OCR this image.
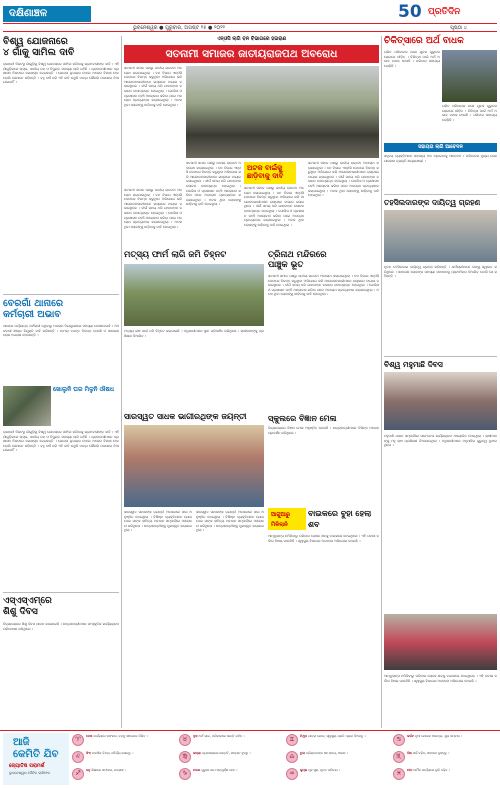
ଦକ୍ଷିଣାଞ୍ଚଳ	50 ପ୍ରତିଦିନ
ଭୁବନେଶ୍ୱର ● ଗୁରୁବାର, ଅଗଷ୍ଟ ୨୫ ● ୨୦୨୨	ପୃଷ୍ଠା ୪
ବିଶ୍ୱ ଯୋଜନାରେ
୪ ଗାଁକୁ ସାମିଲ ଦାବି
ରାଜଧାନୀ ନିକଟସ୍ଥ ଗାଁଗୁଡ଼ିକୁ ବିଶ୍ୱ ଯୋଜନାରେ ସାମିଲ କରିବାକୁ ଗ୍ରାମବାସୀଙ୍କ ଦାବି । ଏହି ଗାଁଗୁଡ଼ିକରେ ରାସ୍ତା, ପାନୀୟ ଜଳ ଓ ବିଦ୍ୟୁତ ସମସ୍ୟା ଲାଗି ରହିଛି । ଗ୍ରାମବାସୀମାନେ ପ୍ରଶାସନ ନିକଟରେ ଦରଖାସ୍ତ ଦେଇଛନ୍ତି । ଯୋଜନା ରୂପାୟନ ହେଲେ ଅଞ୍ଚଳର ବିକାଶ ହେବ ବୋଲି ସେମାନେ କହିଛନ୍ତି । ବହୁ ବର୍ଷ ଧରି ଏହି ଦାବି ଉଠୁଛି ମାତ୍ର କୌଣସି ପଦକ୍ଷେପ ନିଆଯାଇନାହିଁ ।
ବେରଗାଁ ଥାନାରେ
କର୍ମଚାରୀ ଅଭାବ
ଥାନାରେ ପର୍ଯ୍ୟାପ୍ତ କର୍ମଚାରୀ ନଥିବାରୁ ଅପରାଧ ନିୟନ୍ତ୍ରଣରେ ସମସ୍ୟା ଦେଖାଦେଇଛି । ଅଞ୍ଚଳବାସୀ ଶୀଘ୍ର ନିଯୁକ୍ତି ଦାବି କରିଛନ୍ତି । ମାମଲା ତଦନ୍ତ ବିଳମ୍ବ ହେଉଛି ଓ ସାଧାରଣ ଲୋକ ହଇରାଣ ହେଉଛନ୍ତି ।
ଖୋଲୁନି ଘର ମିଳୁନି ଔଷଧ
ରାଜଧାନୀ ନିକଟସ୍ଥ ଗାଁଗୁଡ଼ିକୁ ବିଶ୍ୱ ଯୋଜନାରେ ସାମିଲ କରିବାକୁ ଗ୍ରାମବାସୀଙ୍କ ଦାବି । ଏହି ଗାଁଗୁଡ଼ିକରେ ରାସ୍ତା, ପାନୀୟ ଜଳ ଓ ବିଦ୍ୟୁତ ସମସ୍ୟା ଲାଗି ରହିଛି । ଗ୍ରାମବାସୀମାନେ ପ୍ରଶାସନ ନିକଟରେ ଦରଖାସ୍ତ ଦେଇଛନ୍ତି । ଯୋଜନା ରୂପାୟନ ହେଲେ ଅଞ୍ଚଳର ବିକାଶ ହେବ ବୋଲି ସେମାନେ କହିଛନ୍ତି । ବହୁ ବର୍ଷ ଧରି ଏହି ଦାବି ଉଠୁଛି ମାତ୍ର କୌଣସି ପଦକ୍ଷେପ ନିଆଯାଇନାହିଁ ।
ଏସ୍ଏସ୍ଏମ୍‌ରେ
ଶିଶୁ ଦିବସ
ବିଦ୍ୟାଳୟରେ ଶିଶୁ ଦିବସ ପାଳନ କରାଯାଇଛି । ଛାତ୍ରଛାତ୍ରୀମାନେ ସାଂସ୍କୃତିକ କାର୍ଯ୍ୟକ୍ରମ ପରିବେଷଣ କରିଥିଲେ ।
ଏନ୍ଓସି ଲାଗି ବନ ବିଭାଗରେ ହଇରାଣ
ସତନାମୀ ସମାଜର ଜାତୀୟରାଜପଥ ଅବରୋଧ
ସତନାମୀ ସମାଜ ପକ୍ଷରୁ ଜାତୀୟ ରାଜପଥ ଅବରୋଧ କରାଯାଇଥିଲା । ବନ ବିଭାଗ ଏନ୍ଓସି ଦେବାରେ ବିଳମ୍ବ କରୁଥିବା ଅଭିଯୋଗ କରି ଆନ୍ଦୋଳନକାରୀମାନେ ରାସ୍ତାରେ ଟାୟାର ଜଳାଇଥିଲେ । ଦୀର୍ଘ ସମୟ ଧରି ଯାନବାହାନ ଚଳାଚଳ ବାଧାପ୍ରାପ୍ତ ହୋଇଥିଲା । ପୋଲିସ ଓ ପ୍ରଶାସନ ପହଞ୍ଚି ଆଲୋଚନା କରିବା ପରେ ଅବରୋଧ ପ୍ରତ୍ୟାହାର କରାଯାଇଥିଲା । ଅଟକ ଥିବା ଲୋକଙ୍କୁ ଛାଡ଼ିବାକୁ ଦାବି ହୋଇଥିଲା ।
ସତନାମୀ ସମାଜ ପକ୍ଷରୁ ଜାତୀୟ ରାଜପଥ ଅବରୋଧ କରାଯାଇଥିଲା । ବନ ବିଭାଗ ଏନ୍ଓସି ଦେବାରେ ବିଳମ୍ବ କରୁଥିବା ଅଭିଯୋଗ କରି ଆନ୍ଦୋଳନକାରୀମାନେ ରାସ୍ତାରେ ଟାୟାର ଜଳାଇଥିଲେ । ଦୀର୍ଘ ସମୟ ଧରି ଯାନବାହାନ ଚଳାଚଳ ବାଧାପ୍ରାପ୍ତ ହୋଇଥିଲା । ପୋଲିସ ଓ ପ୍ରଶାସନ ପହଞ୍ଚି ଆଲୋଚନା କରିବା ପରେ ଅବରୋଧ ପ୍ରତ୍ୟାହାର କରାଯାଇଥିଲା । ଅଟକ ଥିବା ଲୋକଙ୍କୁ ଛାଡ଼ିବାକୁ ଦାବି ହୋଇଥିଲା ।
ଅଟକ ବାଇଁକୁ ଛାଡ଼ିବାକୁ ଦାବି
ସତନାମୀ ସମାଜ ପକ୍ଷରୁ ଜାତୀୟ ରାଜପଥ ଅବରୋଧ କରାଯାଇଥିଲା । ବନ ବିଭାଗ ଏନ୍ଓସି ଦେବାରେ ବିଳମ୍ବ କରୁଥିବା ଅଭିଯୋଗ କରି ଆନ୍ଦୋଳନକାରୀମାନେ ରାସ୍ତାରେ ଟାୟାର ଜଳାଇଥିଲେ । ଦୀର୍ଘ ସମୟ ଧରି ଯାନବାହାନ ଚଳାଚଳ ବାଧାପ୍ରାପ୍ତ ହୋଇଥିଲା । ପୋଲିସ ଓ ପ୍ରଶାସନ ପହଞ୍ଚି ଆଲୋଚନା କରିବା ପରେ ଅବରୋଧ ପ୍ରତ୍ୟାହାର କରାଯାଇଥିଲା । ଅଟକ ଥିବା ଲୋକଙ୍କୁ ଛାଡ଼ିବାକୁ ଦାବି ହୋଇଥିଲା ।
ସତନାମୀ ସମାଜ ପକ୍ଷରୁ ଜାତୀୟ ରାଜପଥ ଅବରୋଧ କରାଯାଇଥିଲା । ବନ ବିଭାଗ ଏନ୍ଓସି ଦେବାରେ ବିଳମ୍ବ କରୁଥିବା ଅଭିଯୋଗ କରି ଆନ୍ଦୋଳନକାରୀମାନେ ରାସ୍ତାରେ ଟାୟାର ଜଳାଇଥିଲେ । ଦୀର୍ଘ ସମୟ ଧରି ଯାନବାହାନ ଚଳାଚଳ ବାଧାପ୍ରାପ୍ତ ହୋଇଥିଲା । ପୋଲିସ ଓ ପ୍ରଶାସନ ପହଞ୍ଚି ଆଲୋଚନା କରିବା ପରେ ଅବରୋଧ ପ୍ରତ୍ୟାହାର କରାଯାଇଥିଲା । ଅଟକ ଥିବା ଲୋକଙ୍କୁ ଛାଡ଼ିବାକୁ ଦାବି ହୋଇଥିଲା ।
ସତନାମୀ ସମାଜ ପକ୍ଷରୁ ଜାତୀୟ ରାଜପଥ ଅବରୋଧ କରାଯାଇଥିଲା । ବନ ବିଭାଗ ଏନ୍ଓସି ଦେବାରେ ବିଳମ୍ବ କରୁଥିବା ଅଭିଯୋଗ କରି ଆନ୍ଦୋଳନକାରୀମାନେ ରାସ୍ତାରେ ଟାୟାର ଜଳାଇଥିଲେ । ଦୀର୍ଘ ସମୟ ଧରି ଯାନବାହାନ ଚଳାଚଳ ବାଧାପ୍ରାପ୍ତ ହୋଇଥିଲା । ପୋଲିସ ଓ ପ୍ରଶାସନ ପହଞ୍ଚି ଆଲୋଚନା କରିବା ପରେ ଅବରୋଧ ପ୍ରତ୍ୟାହାର କରାଯାଇଥିଲା । ଅଟକ ଥିବା ଲୋକଙ୍କୁ ଛାଡ଼ିବାକୁ ଦାବି ହୋଇଥିଲା ।
ମତ୍ସ୍ୟ ଫାର୍ମ ଲାଗି ଜମି ଚିହ୍ନଟ
ମତ୍ସ୍ୟ ଚାଷ ପାଇଁ ଜମି ଚିହ୍ନଟ କରାଯାଇଛି । ଅଧିକାରୀମାନେ ସ୍ଥାନ ପରିଦର୍ଶନ କରିଥିଲେ । ଚାଷୀମାନଙ୍କୁ ପ୍ରଶିକ୍ଷଣ ଦିଆଯିବ ।
ତ୍ରିନାଥ ମନ୍ଦିରରେ
ପାଞ୍ଚୁକ ଭୂତ
ସତନାମୀ ସମାଜ ପକ୍ଷରୁ ଜାତୀୟ ରାଜପଥ ଅବରୋଧ କରାଯାଇଥିଲା । ବନ ବିଭାଗ ଏନ୍ଓସି ଦେବାରେ ବିଳମ୍ବ କରୁଥିବା ଅଭିଯୋଗ କରି ଆନ୍ଦୋଳନକାରୀମାନେ ରାସ୍ତାରେ ଟାୟାର ଜଳାଇଥିଲେ । ଦୀର୍ଘ ସମୟ ଧରି ଯାନବାହାନ ଚଳାଚଳ ବାଧାପ୍ରାପ୍ତ ହୋଇଥିଲା । ପୋଲିସ ଓ ପ୍ରଶାସନ ପହଞ୍ଚି ଆଲୋଚନା କରିବା ପରେ ଅବରୋଧ ପ୍ରତ୍ୟାହାର କରାଯାଇଥିଲା । ଅଟକ ଥିବା ଲୋକଙ୍କୁ ଛାଡ଼ିବାକୁ ଦାବି ହୋଇଥିଲା ।
ସ୍କୁଲରେ ବିଜ୍ଞାନ ମେଳା
ବିଦ୍ୟାଳୟରେ ବିଜ୍ଞାନ ମେଳା ଅନୁଷ୍ଠିତ ହୋଇଛି । ଛାତ୍ରଛାତ୍ରୀମାନେ ବିଭିନ୍ନ ମଡେଲ ପ୍ରଦର୍ଶନ କରିଥିଲେ ।
ସାରସ୍ୱତ ସାଧକ ଭାଗୀରଥିଙ୍କ ଜୟନ୍ତୀ
ସାରସ୍ୱତ ସାଧକଙ୍କ ଜୟନ୍ତୀ ଅବସରରେ ସଭା ଅନୁଷ୍ଠିତ ହୋଇଥିଲା । ବିଶିଷ୍ଟ ବ୍ୟକ୍ତିମାନେ ଯୋଗଦେଇ ତାଙ୍କ ସାହିତ୍ୟ ଅବଦାନ ସମ୍ପର୍କରେ ଆଲୋଚନା କରିଥିଲେ । ଛାତ୍ରଛାତ୍ରୀଙ୍କୁ ପୁରସ୍କୃତ କରାଯାଇଥିଲା ।
ସାରସ୍ୱତ ସାଧକଙ୍କ ଜୟନ୍ତୀ ଅବସରରେ ସଭା ଅନୁଷ୍ଠିତ ହୋଇଥିଲା । ବିଶିଷ୍ଟ ବ୍ୟକ୍ତିମାନେ ଯୋଗଦେଇ ତାଙ୍କ ସାହିତ୍ୟ ଅବଦାନ ସମ୍ପର୍କରେ ଆଲୋଚନା କରିଥିଲେ । ଛାତ୍ରଛାତ୍ରୀଙ୍କୁ ପୁରସ୍କୃତ କରାଯାଇଥିଲା ।
ଆଗୁଆରୁ
ମିଳିଲାନି
ବାଇକରେ ବୁହା ହେଲା ଶବ
ଆମ୍ବୁଲାନ୍ସ ନମିଳିବାରୁ ପରିବାର ଲୋକେ ଶବକୁ ବାଇକରେ ନେଇଥିଲେ । ଏହି ଘଟଣା ଚର୍ଚ୍ଚାର ବିଷୟ ପାଲଟିଛି । ସ୍ୱାସ୍ଥ୍ୟ ବିଭାଗର ଅବହେଳା ଅଭିଯୋଗ ହୋଇଛି ।
ଚିକିତ୍ସାରେ ଅର୍ଥ ବାଧକ
ଗରିବ ପରିବାରର ଜଣେ ଯୁବକ ଗୁରୁତର ରୋଗରେ ପୀଡ଼ିତ । ଚିକିତ୍ସା ପାଇଁ ଅର୍ଥ ଅଭାବ ବାଧକ ହେଉଛି । ପରିବାର ସାହାଯ୍ୟ ଲୋଡ଼ିଛି ।
ଗରିବ ପରିବାରର ଜଣେ ଯୁବକ ଗୁରୁତର ରୋଗରେ ପୀଡ଼ିତ । ଚିକିତ୍ସା ପାଇଁ ଅର୍ଥ ଅଭାବ ବାଧକ ହେଉଛି । ପରିବାର ସାହାଯ୍ୟ ଲୋଡ଼ିଛି ।
ସହାୟତା ଲାଗି ଆବେଦନ
ସହୃଦୟ ବ୍ୟକ୍ତିମାନେ ସାହାଯ୍ୟ ହାତ ବଢ଼ାଇବାକୁ ଆବେଦନ । ପରିବାରର ମୁଖ୍ୟ ରୋଜଗାରକ୍ଷମ ବ୍ୟକ୍ତି ଶଯ୍ୟାଶାୟୀ ।
ତହସିଲଦାରଙ୍କ ଦାୟିତ୍ୱ ଗ୍ରହଣ
ନୂତନ ତହସିଲଦାର ଦାୟିତ୍ୱ ଗ୍ରହଣ କରିଛନ୍ତି । କର୍ମଚାରୀମାନେ ତାଙ୍କୁ ସ୍ୱାଗତ କରିଥିଲେ । ସାଧାରଣ ଲୋକଙ୍କ ସମସ୍ୟା ସମାଧାନକୁ ପ୍ରାଥମିକତା ଦିଆଯିବ ବୋଲି ସେ କହିଛନ୍ତି ।
ବିଶ୍ୱ ମହୁମାଛି ଦିବସ
ମହୁମାଛି ପାଳନ ସମ୍ପର୍କରେ ସଚେତନତା କାର୍ଯ୍ୟକ୍ରମ ଆୟୋଜିତ ହୋଇଥିଲା । ଚାଷୀମାନଙ୍କୁ ମହୁ ଚାଷ ପ୍ରଶିକ୍ଷଣ ଦିଆଯାଇଥିଲା । ଅଧିକାରୀମାନେ ମହୁମାଛିର ଗୁରୁତ୍ୱ ବୁଝାଇଥିଲେ ।
ଆମ୍ବୁଲାନ୍ସ ନମିଳିବାରୁ ପରିବାର ଲୋକେ ଶବକୁ ବାଇକରେ ନେଇଥିଲେ । ଏହି ଘଟଣା ଚର୍ଚ୍ଚାର ବିଷୟ ପାଲଟିଛି । ସ୍ୱାସ୍ଥ୍ୟ ବିଭାଗର ଅବହେଳା ଅଭିଯୋଗ ହୋଇଛି ।
ଆଜି
କେମିତି ଯିବ
ଜ୍ୟୋତିଷ ପରାମର୍ଶ
ଭୁବନେଶ୍ୱର ଦୈନିକ ରାଶିଫଳ
♈	ମେଷ କାର୍ଯ୍ୟରେ ସଫଳତା, ବନ୍ଧୁ ସହଯୋଗ ମିଳିବ ।	♉	ବୃଷ ଅର୍ଥ ଲାଭ, ପରିବାରରେ ଶାନ୍ତି ରହିବ ।	♊	ମିଥୁନ ଯାତ୍ରା ଯୋଗ, ସ୍ୱାସ୍ଥ୍ୟ ପ୍ରତି ଧ୍ୟାନ ଦିଅନ୍ତୁ ।	♋	କର୍କଟ ନୂଆ ଯୋଜନା ଆରମ୍ଭ, ଶୁଭ ସମ୍ବାଦ ।
♌	ସିଂହ ମାନସିକ ଚିନ୍ତା, ଧୈର୍ଯ୍ୟ ରଖନ୍ତୁ ।	♍	କନ୍ୟା ବ୍ୟବସାୟରେ ଉନ୍ନତି, ସମ୍ମାନ ବୃଦ୍ଧି ।	♎	ତୁଳା ପ୍ରିୟଜନଙ୍କ ସହ ସମୟ, ଆନନ୍ଦ ।	♏	ବିଛା ଖର୍ଚ୍ଚ ବଢ଼ିବ, ସାବଧାନ ରୁହନ୍ତୁ ।
♐	ଧନୁ ଶିକ୍ଷାରେ ସଫଳତା, ଉତ୍ସାହ ।	♑	ମକର ପୁରୁଣା କାମ ସମ୍ପୂର୍ଣ୍ଣ ହେବ ।	♒	କୁମ୍ଭ ଗୃହ ସୁଖ, ନୂତନ ପରିଚୟ ।	♓	ମୀନ ଧାର୍ମିକ କାର୍ଯ୍ୟରେ ରୁଚି ବଢ଼ିବ ।
